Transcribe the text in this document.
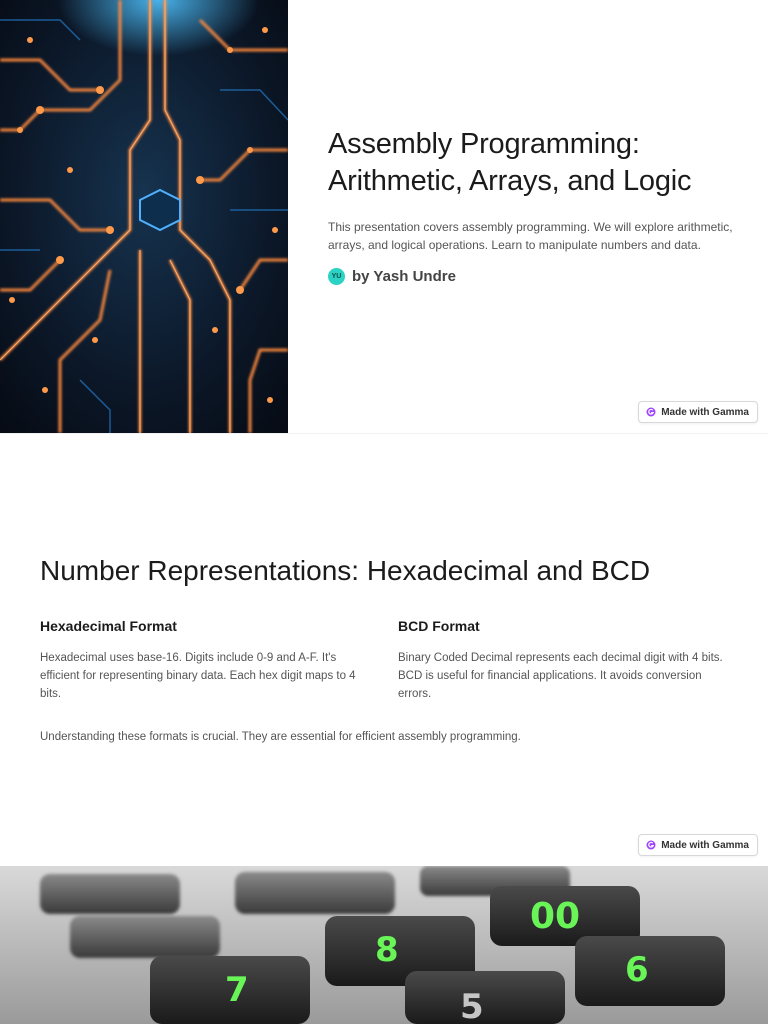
Assembly Programming:
Arithmetic, Arrays, and Logic

This presentation covers assembly programming. We will explore arithmetic, arrays, and logical operations. Learn to manipulate numbers and data.

YU by Yash Undre
Made with Gamma
Number Representations: Hexadecimal and BCD
Hexadecimal Format

Hexadecimal uses base-16. Digits include 0-9 and A-F. It's efficient for representing binary data. Each hex digit maps to 4 bits.

BCD Format

Binary Coded Decimal represents each decimal digit with 4 bits. BCD is useful for financial applications. It avoids conversion errors.

Understanding these formats is crucial. They are essential for efficient assembly programming.

Made with Gamma
00
8	6
7	5
